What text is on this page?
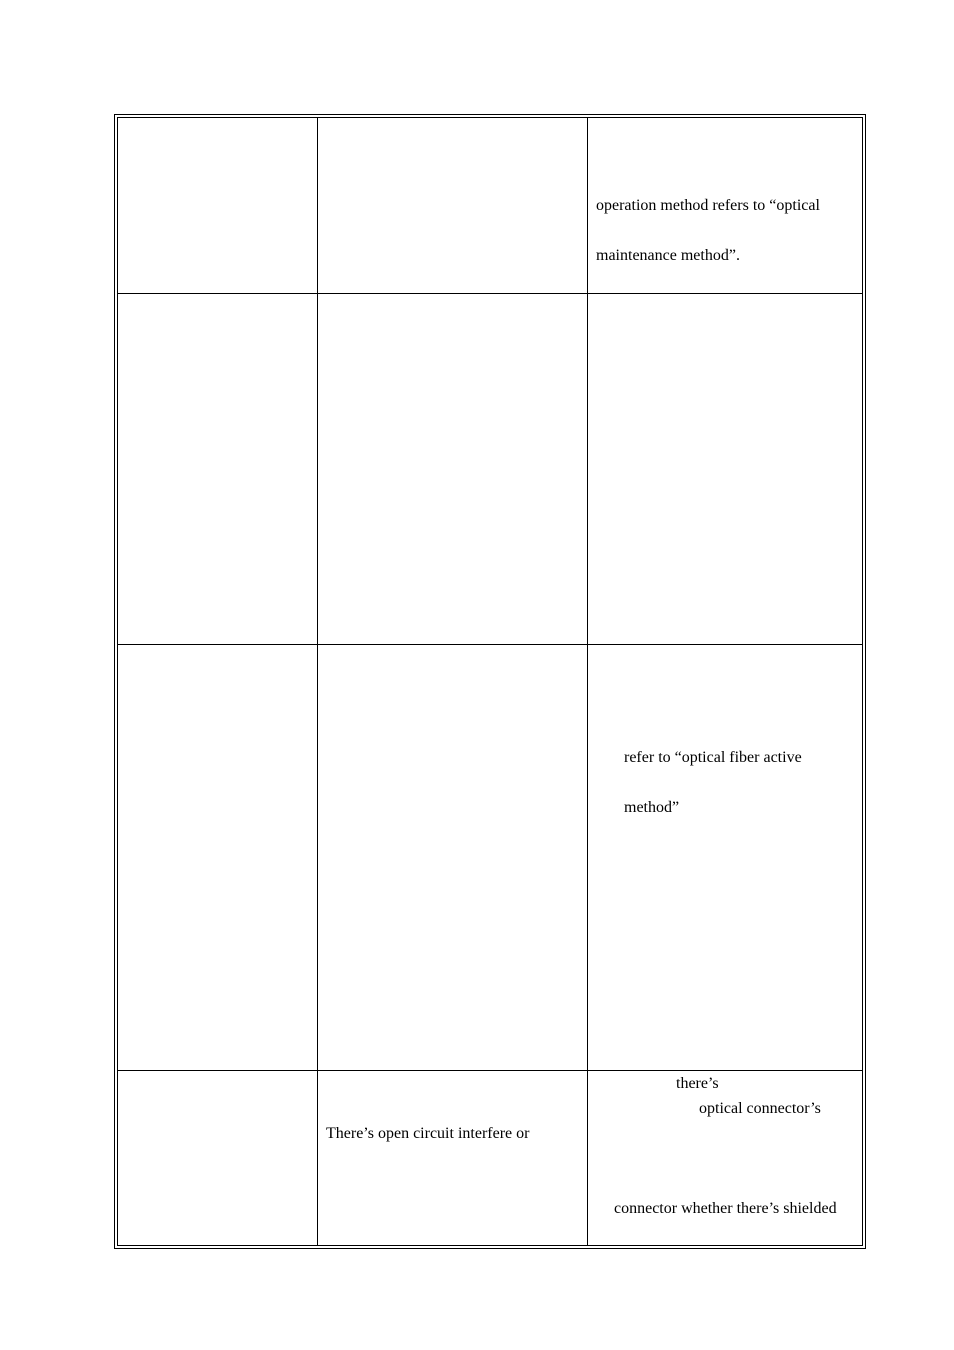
operation method refers to “optical
maintenance method”.
refer to “optical fiber active
method”
There’s open circuit interfere or
there’s
optical connector’s
connector whether there’s shielded
